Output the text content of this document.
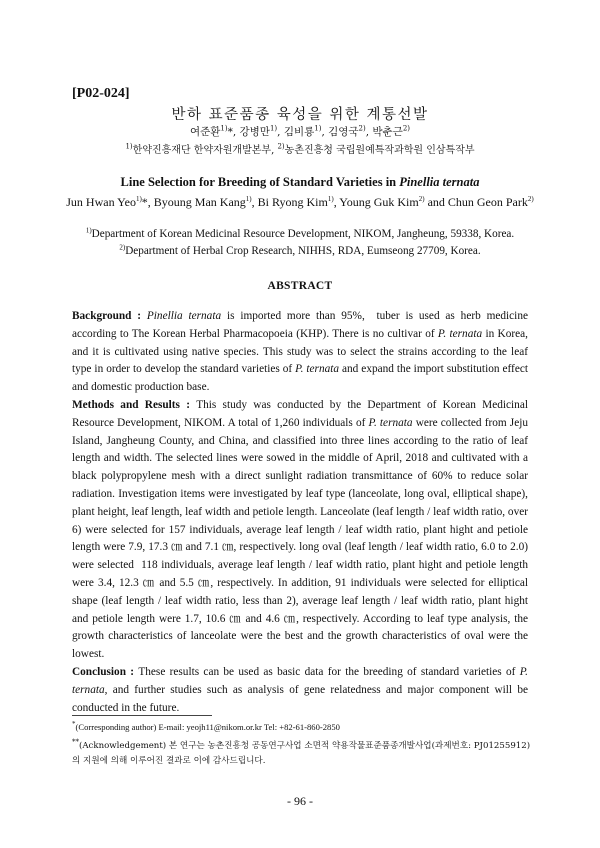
[P02-024]
반하 표준품종 육성을 위한 계통선발
여준환$^{1)}$*, 강병만$^{1)}$, 김비룡$^{1)}$, 김영국$^{2)}$, 박춘근$^{2)}$
$^{1)}$한약진흥재단 한약자원개발본부, $^{2)}$농촌진흥청 국립원예특작과학원 인삼특작부
Line Selection for Breeding of Standard Varieties in Pinellia ternata
Jun Hwan Yeo$^{1)}$*, Byoung Man Kang$^{1)}$, Bi Ryong Kim$^{1)}$, Young Guk Kim$^{2)}$ and Chun Geon Park$^{2)}$
$^{1)}$Department of Korean Medicinal Resource Development, NIKOM, Jangheung, 59338, Korea.
$^{2)}$Department of Herbal Crop Research, NIHHS, RDA, Eumseong 27709, Korea.
ABSTRACT

Background : Pinellia ternata is imported more than 95%,  tuber is used as herb medicine according to The Korean Herbal Pharmacopoeia (KHP). There is no cultivar of P. ternata in Korea, and it is cultivated using native species. This study was to select the strains according to the leaf type in order to develop the standard varieties of P. ternata and expand the import substitution effect and domestic production base.

Methods and Results : This study was conducted by the Department of Korean Medicinal Resource Development, NIKOM. A total of 1,260 individuals of P. ternata were collected from Jeju Island, Jangheung County, and China, and classified into three lines according to the ratio of leaf length and width. The selected lines were sowed in the middle of April, 2018 and cultivated with a black polypropylene mesh with a direct sunlight radiation transmittance of 60% to reduce solar radiation. Investigation items were investigated by leaf type (lanceolate, long oval, elliptical shape), plant height, leaf length, leaf width and petiole length. Lanceolate (leaf length / leaf width ratio, over 6) were selected for 157 individuals, average leaf length / leaf width ratio, plant hight and petiole length were 7.9, 17.3 ㎝ and 7.1 ㎝, respectively. long oval (leaf length / leaf width ratio, 6.0 to 2.0) were selected  118 individuals, average leaf length / leaf width ratio, plant hight and petiole length were 3.4, 12.3 ㎝ and 5.5 ㎝, respectively. In addition, 91 individuals were selected for elliptical shape (leaf length / leaf width ratio, less than 2), average leaf length / leaf width ratio, plant hight and petiole length were 1.7, 10.6 ㎝ and 4.6 ㎝, respectively. According to leaf type analysis, the growth characteristics of lanceolate were the best and the growth characteristics of oval were the lowest.

Conclusion : These results can be used as basic data for the breeding of standard varieties of P. ternata, and further studies such as analysis of gene relatedness and major component will be conducted in the future.

*(Corresponding author) E-mail: yeojh11@nikom.or.kr Tel: +82-61-860-2850
**(Acknowledgement) 본 연구는 농촌진흥청 공동연구사업 소면적 약용작물표준품종개발사업(과제번호: PJ01255912)의 지원에 의해 이루어진 결과로 이에 감사드립니다.
- 96 -
